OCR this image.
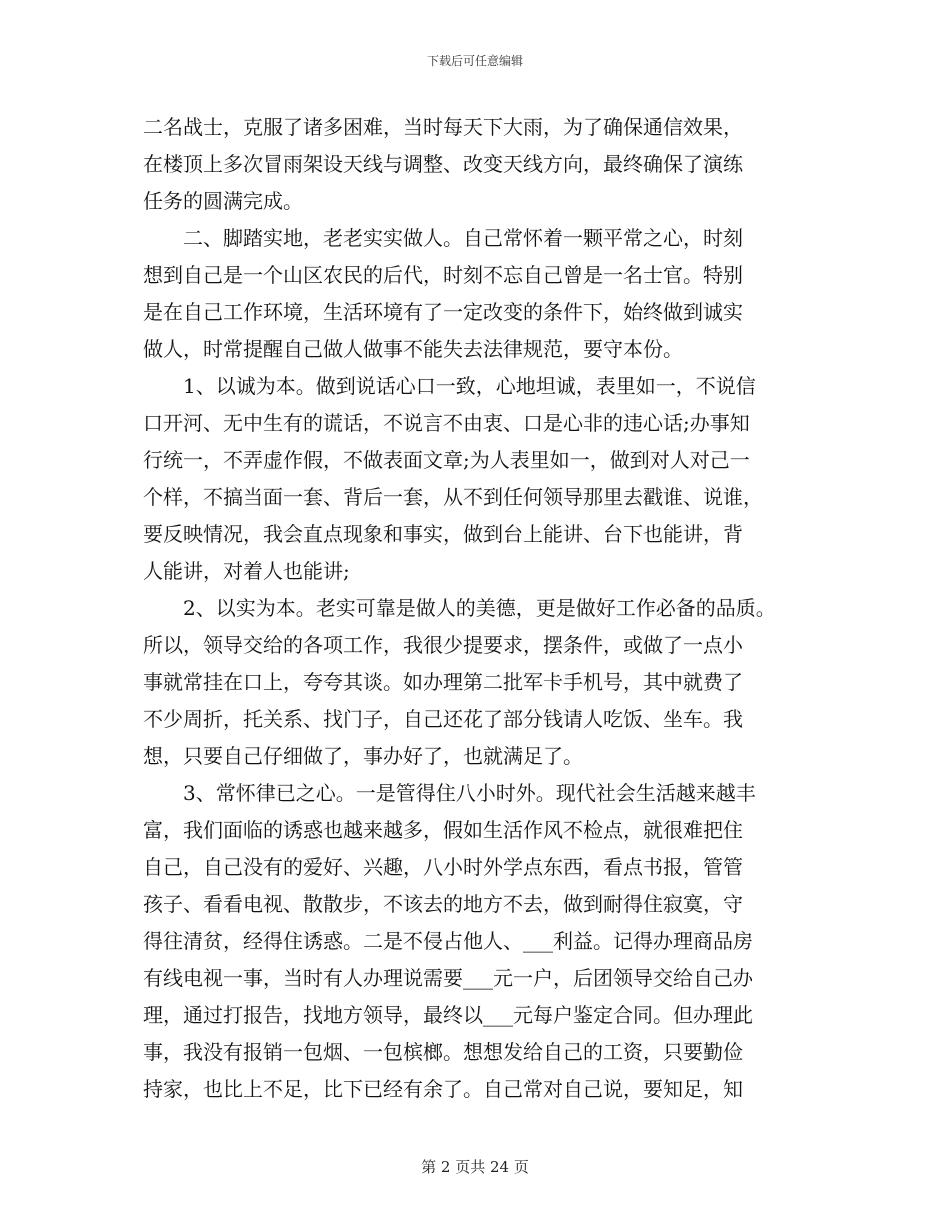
下载后可任意编辑
二名战士，克服了诸多困难，当时每天下大雨，为了确保通信效果，
在楼顶上多次冒雨架设天线与调整、改变天线方向，最终确保了演练
任务的圆满完成。
二、脚踏实地，老老实实做人。自己常怀着一颗平常之心，时刻
想到自己是一个山区农民的后代，时刻不忘自己曾是一名士官。特别
是在自己工作环境，生活环境有了一定改变的条件下，始终做到诚实
做人，时常提醒自己做人做事不能失去法律规范，要守本份。
1、以诚为本。做到说话心口一致，心地坦诚，表里如一，不说信
口开河、无中生有的谎话，不说言不由衷、口是心非的违心话;办事知
行统一，不弄虚作假，不做表面文章;为人表里如一，做到对人对己一
个样，不搞当面一套、背后一套，从不到任何领导那里去戳谁、说谁，
要反映情况，我会直点现象和事实，做到台上能讲、台下也能讲，背
人能讲，对着人也能讲;
2、以实为本。老实可靠是做人的美德，更是做好工作必备的品质。
所以，领导交给的各项工作，我很少提要求，摆条件，或做了一点小
事就常挂在口上，夸夸其谈。如办理第二批军卡手机号，其中就费了
不少周折，托关系、找门子，自己还花了部分钱请人吃饭、坐车。我
想，只要自己仔细做了，事办好了，也就满足了。
3、常怀律已之心。一是管得住八小时外。现代社会生活越来越丰
富，我们面临的诱惑也越来越多，假如生活作风不检点，就很难把住
自己，自己没有的爱好、兴趣，八小时外学点东西，看点书报，管管
孩子、看看电视、散散步，不该去的地方不去，做到耐得住寂寞，守
得往清贫，经得住诱惑。二是不侵占他人、___利益。记得办理商品房
有线电视一事，当时有人办理说需要___元一户，后团领导交给自己办
理，通过打报告，找地方领导，最终以___元每户鉴定合同。但办理此
事，我没有报销一包烟、一包槟榔。想想发给自己的工资，只要勤俭
持家，也比上不足，比下已经有余了。自己常对自己说，要知足，知
第 2 页共 24 页
